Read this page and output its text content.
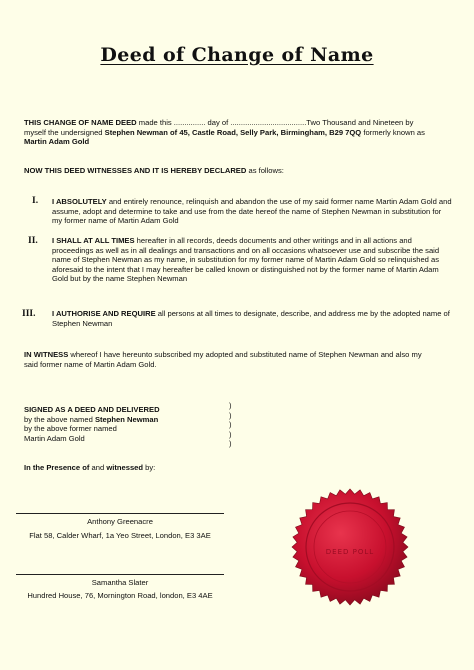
Deed of Change of Name
THIS CHANGE OF NAME DEED made this ............... day of ....................................Two Thousand and Nineteen by myself the undersigned Stephen Newman of 45, Castle Road, Selly Park, Birmingham, B29 7QQ formerly known as Martin Adam Gold
NOW THIS DEED WITNESSES AND IT IS HEREBY DECLARED as follows:
I. I ABSOLUTELY and entirely renounce, relinquish and abandon the use of my said former name Martin Adam Gold and assume, adopt and determine to take and use from the date hereof the name of Stephen Newman in substitution for my former name of Martin Adam Gold
II. I SHALL AT ALL TIMES hereafter in all records, deeds documents and other writings and in all actions and proceedings as well as in all dealings and transactions and on all occasions whatsoever use and subscribe the said name of Stephen Newman as my name, in substitution for my former name of Martin Adam Gold so relinquished as aforesaid to the intent that I may hereafter be called known or distinguished not by the former name of Martin Adam Gold but by the name Stephen Newman
III. I AUTHORISE AND REQUIRE all persons at all times to designate, describe, and address me by the adopted name of Stephen Newman
IN WITNESS whereof I have hereunto subscribed my adopted and substituted name of Stephen Newman and also my said former name of Martin Adam Gold.
SIGNED AS A DEED AND DELIVERED
by the above named Stephen Newman
by the above former named
Martin Adam Gold
)
)
)
)
)
In the Presence of and witnessed by:
Anthony Greenacre
Flat 58, Calder Wharf, 1a Yeo Street, London, E3 3AE
Samantha Slater
Hundred House, 76, Mornington Road, london, E3 4AE
DEED POLL
